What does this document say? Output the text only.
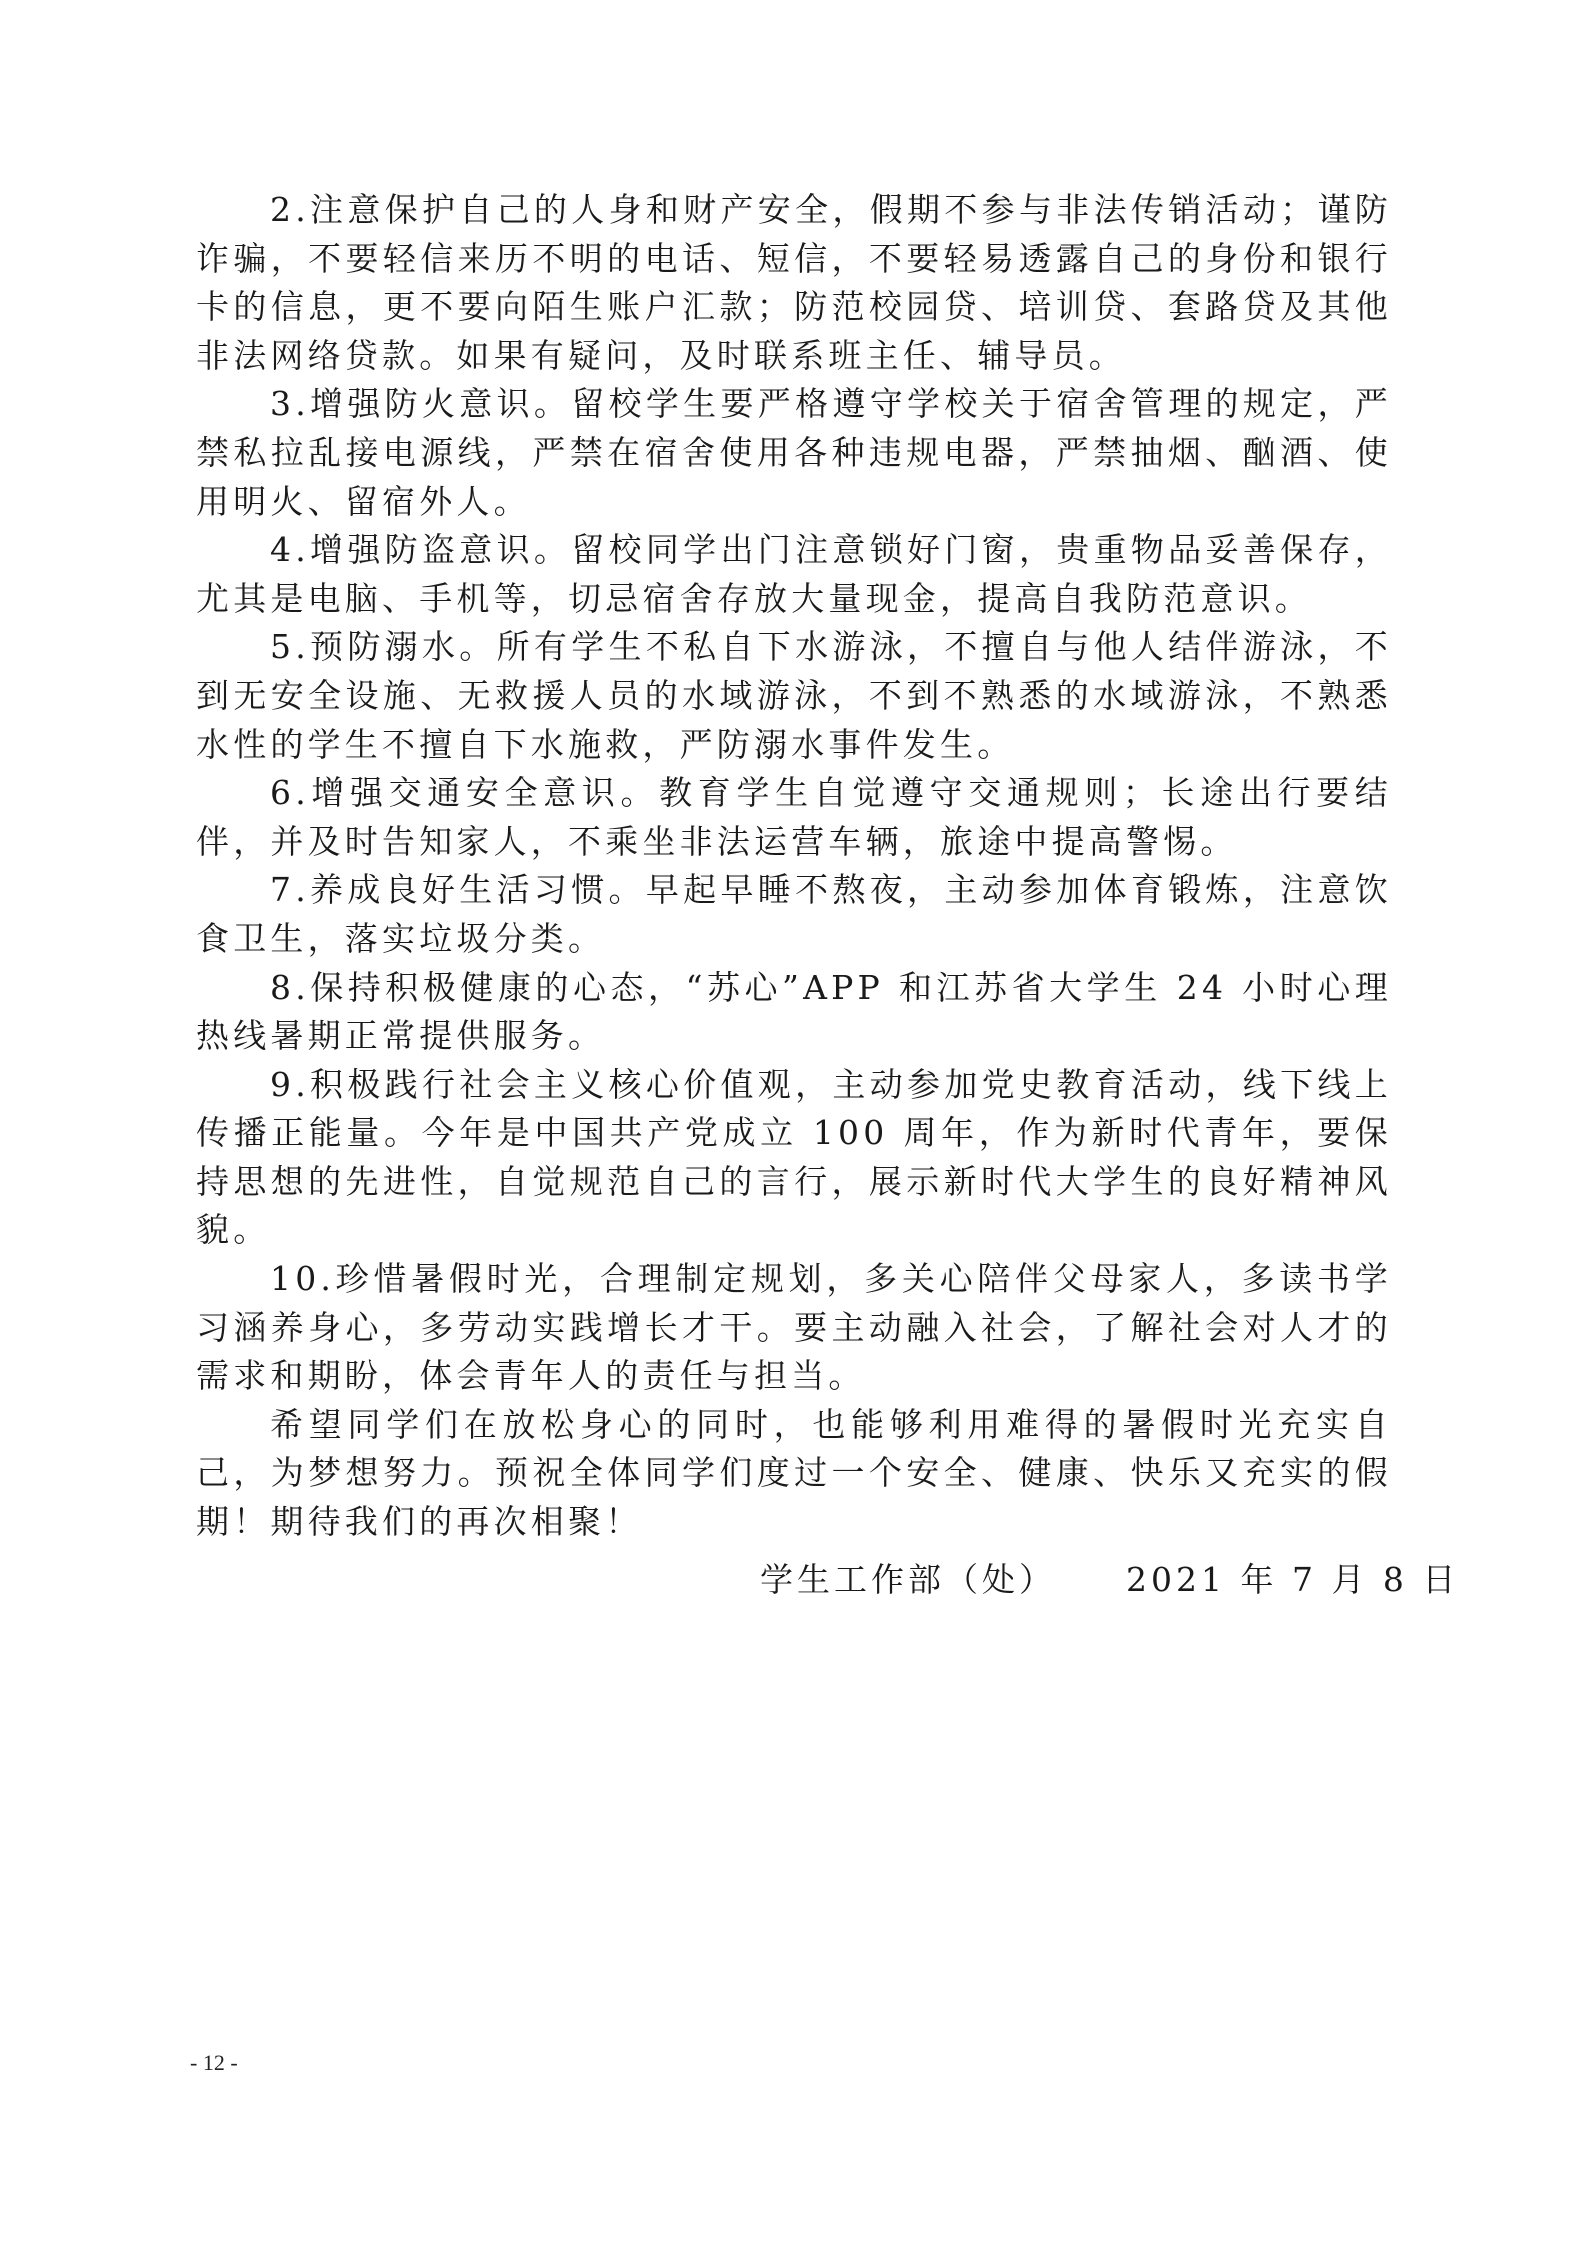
2.注意保护自己的人身和财产安全，假期不参与非法传销活动；谨防诈骗，不要轻信来历不明的电话、短信，不要轻易透露自己的身份和银行卡的信息，更不要向陌生账户汇款；防范校园贷、培训贷、套路贷及其他非法网络贷款。如果有疑问，及时联系班主任、辅导员。

3.增强防火意识。留校学生要严格遵守学校关于宿舍管理的规定，严禁私拉乱接电源线，严禁在宿舍使用各种违规电器，严禁抽烟、酗酒、使用明火、留宿外人。

4.增强防盗意识。留校同学出门注意锁好门窗，贵重物品妥善保存，尤其是电脑、手机等，切忌宿舍存放大量现金，提高自我防范意识。

5.预防溺水。所有学生不私自下水游泳，不擅自与他人结伴游泳，不到无安全设施、无救援人员的水域游泳，不到不熟悉的水域游泳，不熟悉水性的学生不擅自下水施救，严防溺水事件发生。

6.增强交通安全意识。教育学生自觉遵守交通规则；长途出行要结伴，并及时告知家人，不乘坐非法运营车辆，旅途中提高警惕。

7.养成良好生活习惯。早起早睡不熬夜，主动参加体育锻炼，注意饮食卫生，落实垃圾分类。

8.保持积极健康的心态，“苏心”APP 和江苏省大学生 24 小时心理热线暑期正常提供服务。

9.积极践行社会主义核心价值观，主动参加党史教育活动，线下线上传播正能量。今年是中国共产党成立 100 周年，作为新时代青年，要保持思想的先进性，自觉规范自己的言行，展示新时代大学生的良好精神风貌。

10.珍惜暑假时光，合理制定规划，多关心陪伴父母家人，多读书学习涵养身心，多劳动实践增长才干。要主动融入社会，了解社会对人才的需求和期盼，体会青年人的责任与担当。

希望同学们在放松身心的同时，也能够利用难得的暑假时光充实自己，为梦想努力。预祝全体同学们度过一个安全、健康、快乐又充实的假期！期待我们的再次相聚！

学生工作部（处） 2021 年 7 月 8 日
- 12 -
